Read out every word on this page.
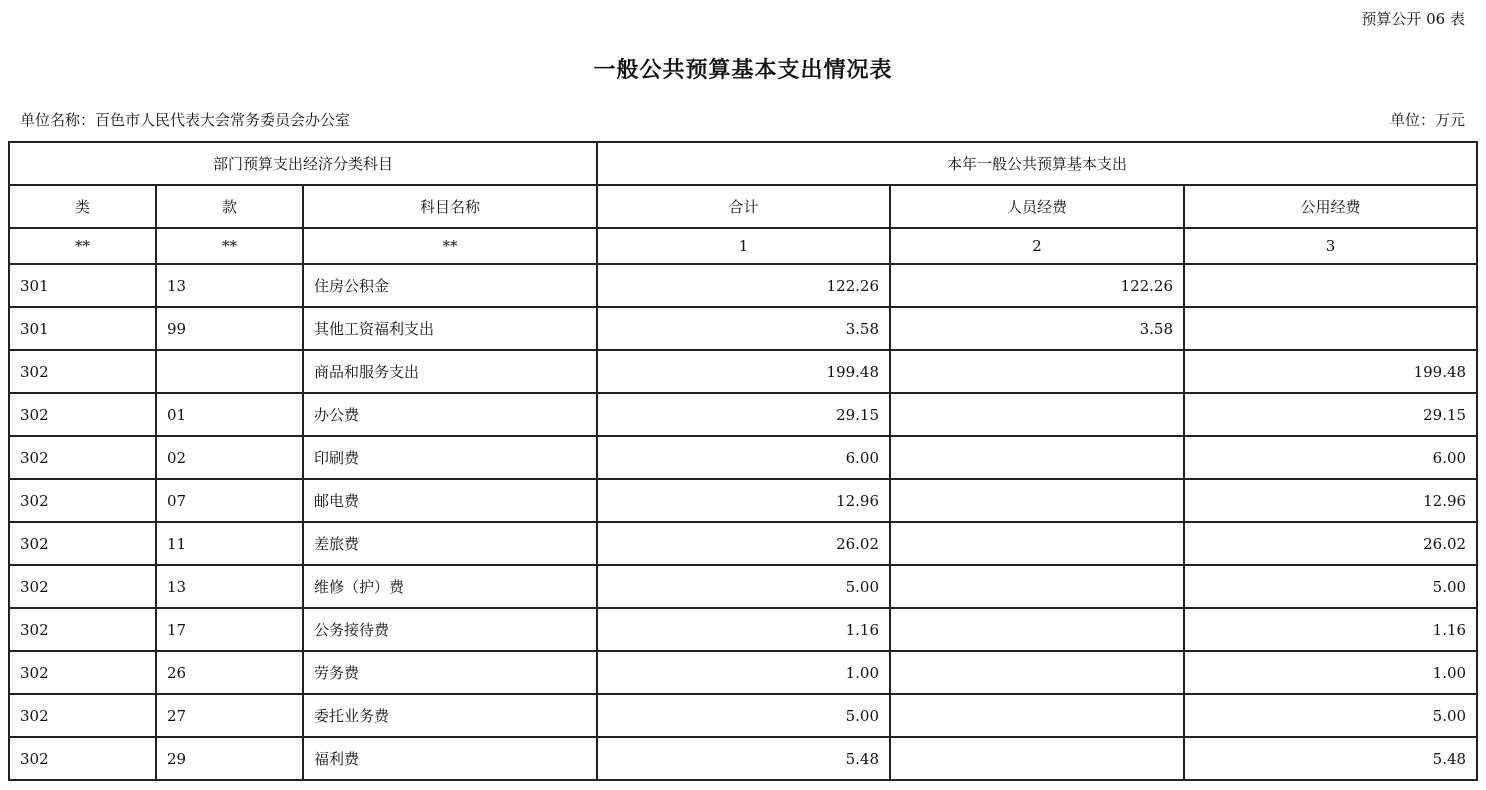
预算公开 06 表
一般公共预算基本支出情况表
单位名称：百色市人民代表大会常务委员会办公室	单位：万元
部门预算支出经济分类科目			本年一般公共预算基本支出		
类	款	科目名称	合计	人员经费	公用经费
**	**	**	1	2	3
301	13	住房公积金	122.26	122.26	
301	99	其他工资福利支出	3.58	3.58	
302		商品和服务支出	199.48		199.48
302	01	办公费	29.15		29.15
302	02	印刷费	6.00		6.00
302	07	邮电费	12.96		12.96
302	11	差旅费	26.02		26.02
302	13	维修（护）费	5.00		5.00
302	17	公务接待费	1.16		1.16
302	26	劳务费	1.00		1.00
302	27	委托业务费	5.00		5.00
302	29	福利费	5.48		5.48
